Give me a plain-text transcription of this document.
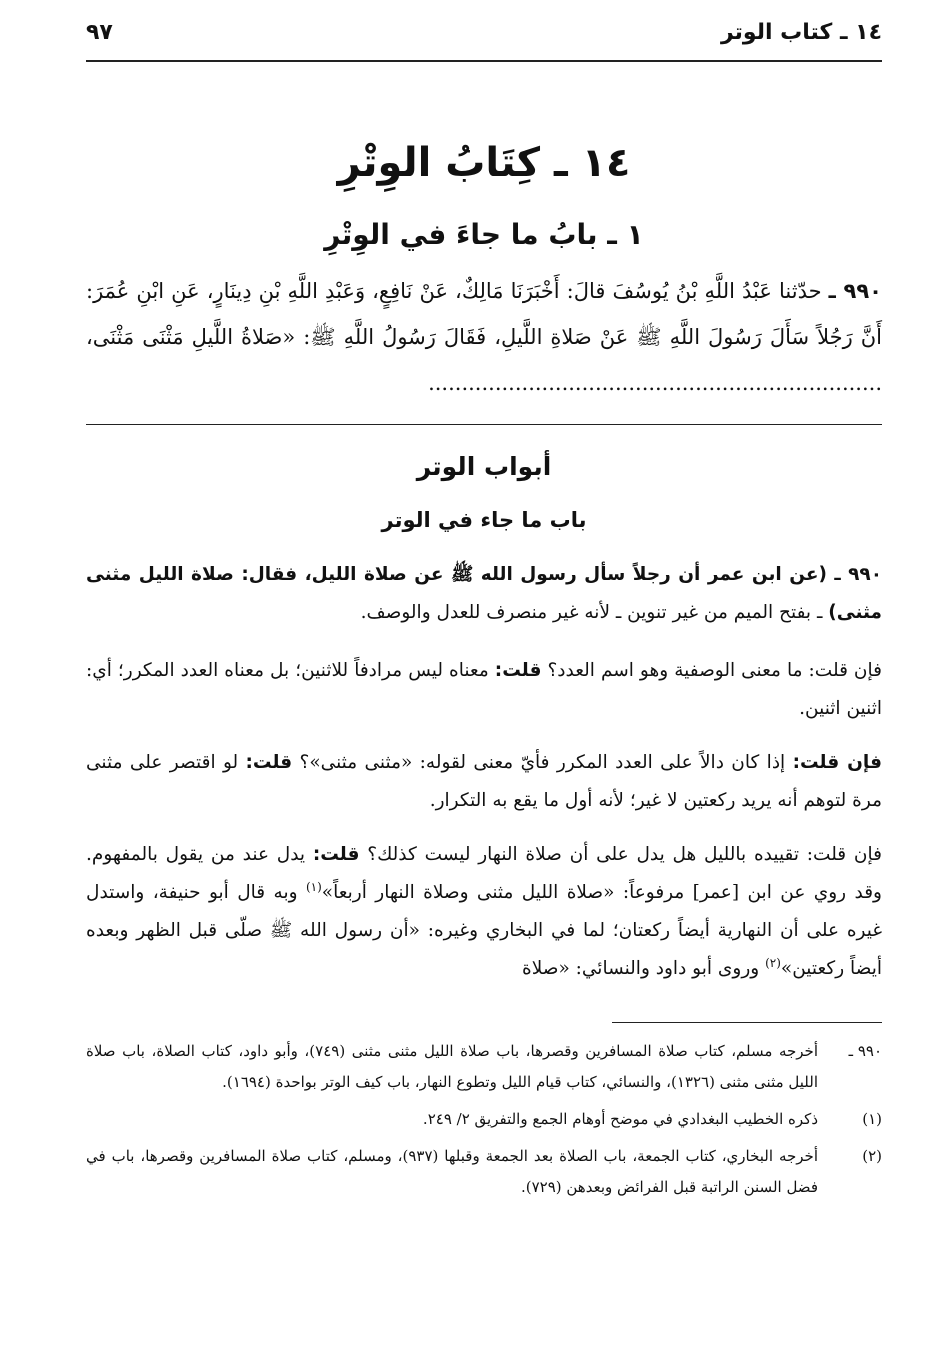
١٤ ـ كتاب الوتر
٩٧
١٤ ـ كِتَابُ الوِتْرِ
١ ـ بابُ ما جاءَ في الوِتْرِ
٩٩٠ ـ حدّثنا عَبْدُ اللَّهِ بْنُ يُوسُفَ قالَ: أَخْبَرَنَا مَالِكٌ، عَنْ نَافِعٍ، وَعَبْدِ اللَّهِ بْنِ دِينَارٍ، عَنِ ابْنِ عُمَرَ: أَنَّ رَجُلاً سَأَلَ رَسُولَ اللَّهِ ﷺ عَنْ صَلاةِ اللَّيلِ، فَقَالَ رَسُولُ اللَّهِ ﷺ: «صَلاةُ اللَّيلِ مَثْنَى مَثْنَى، ....................................................................
أبواب الوتر
باب ما جاء في الوتر
٩٩٠ ـ (عن ابن عمر أن رجلاً سأل رسول الله ﷺ عن صلاة الليل، فقال: صلاة الليل مثنى مثنى) ـ بفتح الميم من غير تنوين ـ لأنه غير منصرف للعدل والوصف.
فإن قلت: ما معنى الوصفية وهو اسم العدد؟ قلت: معناه ليس مرادفاً للاثنين؛ بل معناه العدد المكرر؛ أي: اثنين اثنين.
فإن قلت: إذا كان دالاً على العدد المكرر فأيّ معنى لقوله: «مثنى مثنى»؟ قلت: لو اقتصر على مثنى مرة لتوهم أنه يريد ركعتين لا غير؛ لأنه أول ما يقع به التكرار.
فإن قلت: تقييده بالليل هل يدل على أن صلاة النهار ليست كذلك؟ قلت: يدل عند من يقول بالمفهوم. وقد روي عن ابن [عمر] مرفوعاً: «صلاة الليل مثنى وصلاة النهار أربعاً»$^{(١)}$ وبه قال أبو حنيفة، واستدل غيره على أن النهارية أيضاً ركعتان؛ لما في البخاري وغيره: «أن رسول الله ﷺ صلّى قبل الظهر وبعده أيضاً ركعتين»$^{(٢)}$ وروى أبو داود والنسائي: «صلاة
٩٩٠ ـ
أخرجه مسلم، كتاب صلاة المسافرين وقصرها، باب صلاة الليل مثنى مثنى (٧٤٩)، وأبو داود، كتاب الصلاة، باب صلاة الليل مثنى مثنى (١٣٢٦)، والنسائي، كتاب قيام الليل وتطوع النهار، باب كيف الوتر بواحدة (١٦٩٤).
(١)
ذكره الخطيب البغدادي في موضح أوهام الجمع والتفريق ٢/ ٢٤٩.
(٢)
أخرجه البخاري، كتاب الجمعة، باب الصلاة بعد الجمعة وقبلها (٩٣٧)، ومسلم، كتاب صلاة المسافرين وقصرها، باب في فضل السنن الراتبة قبل الفرائض وبعدهن (٧٢٩).
